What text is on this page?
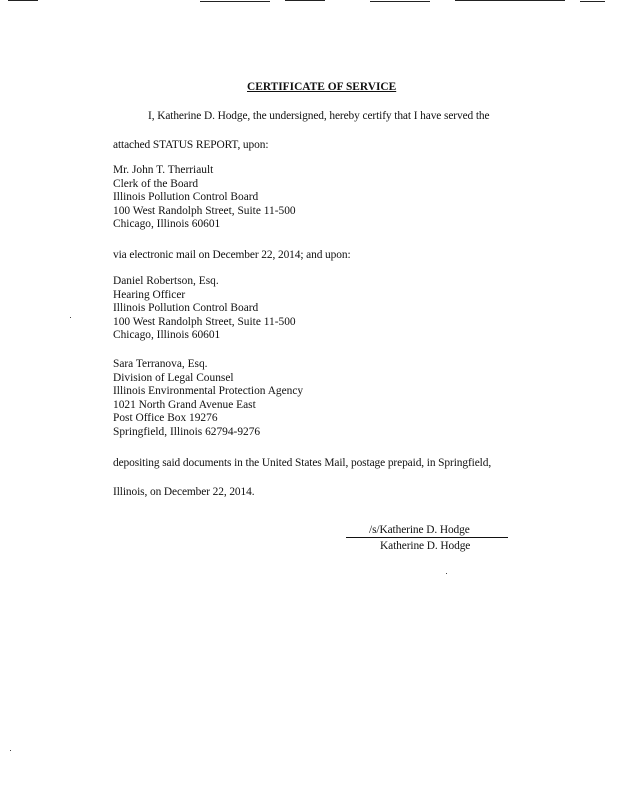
CERTIFICATE OF SERVICE
I, Katherine D. Hodge, the undersigned, hereby certify that I have served the
attached STATUS REPORT, upon:
Mr. John T. Therriault
Clerk of the Board
Illinois Pollution Control Board
100 West Randolph Street, Suite 11-500
Chicago, Illinois 60601
via electronic mail on December 22, 2014; and upon:
Daniel Robertson, Esq.
Hearing Officer
Illinois Pollution Control Board
100 West Randolph Street, Suite 11-500
Chicago, Illinois 60601
Sara Terranova, Esq.
Division of Legal Counsel
Illinois Environmental Protection Agency
1021 North Grand Avenue East
Post Office Box 19276
Springfield, Illinois 62794-9276
depositing said documents in the United States Mail, postage prepaid, in Springfield,
Illinois, on December 22, 2014.
/s/Katherine D. Hodge
Katherine D. Hodge
